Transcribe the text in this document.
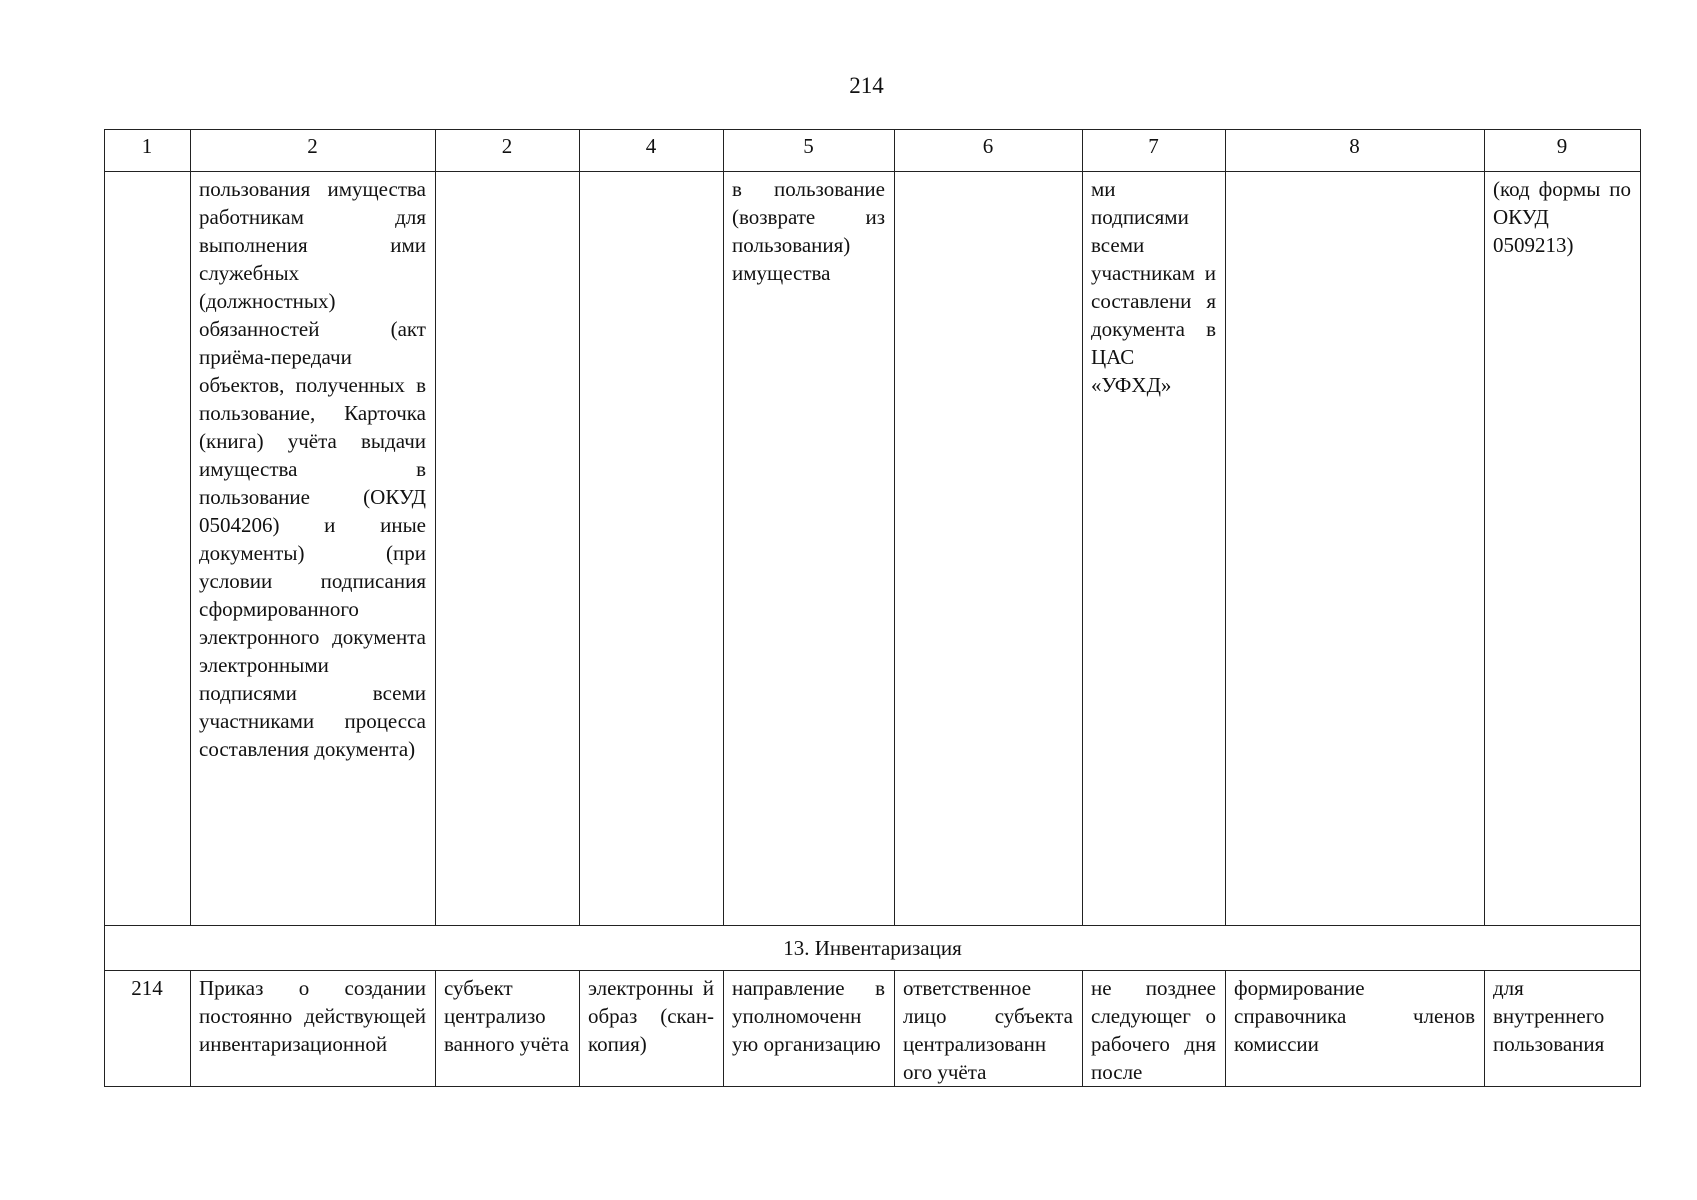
214
1	2	2	4	5	6	7	8	9
	пользования имущества работникам для выполнения ими служебных (должностных) обязанностей (акт приёма-передачи объектов, полученных в пользование, Карточка (книга) учёта выдачи имущества в пользование (ОКУД 0504206) и иные документы) (при условии подписания сформированного электронного документа электронными подписями всеми участниками процесса составления документа)			в пользование (возврате из пользования) имущества		ми подписями всеми участникам и составлени я документа в ЦАС «УФХД»		(код формы по ОКУД 0509213)
13. Инвентаризация								
214	Приказ о создании постоянно действующей инвентаризационной	субъект централизо ванного учёта	электронны й образ (скан- копия)	направление в уполномоченн ую организацию	ответственное лицо субъекта централизованн ого учёта	не позднее следующег о рабочего дня после	формирование справочника членов комиссии	для внутреннего пользования
